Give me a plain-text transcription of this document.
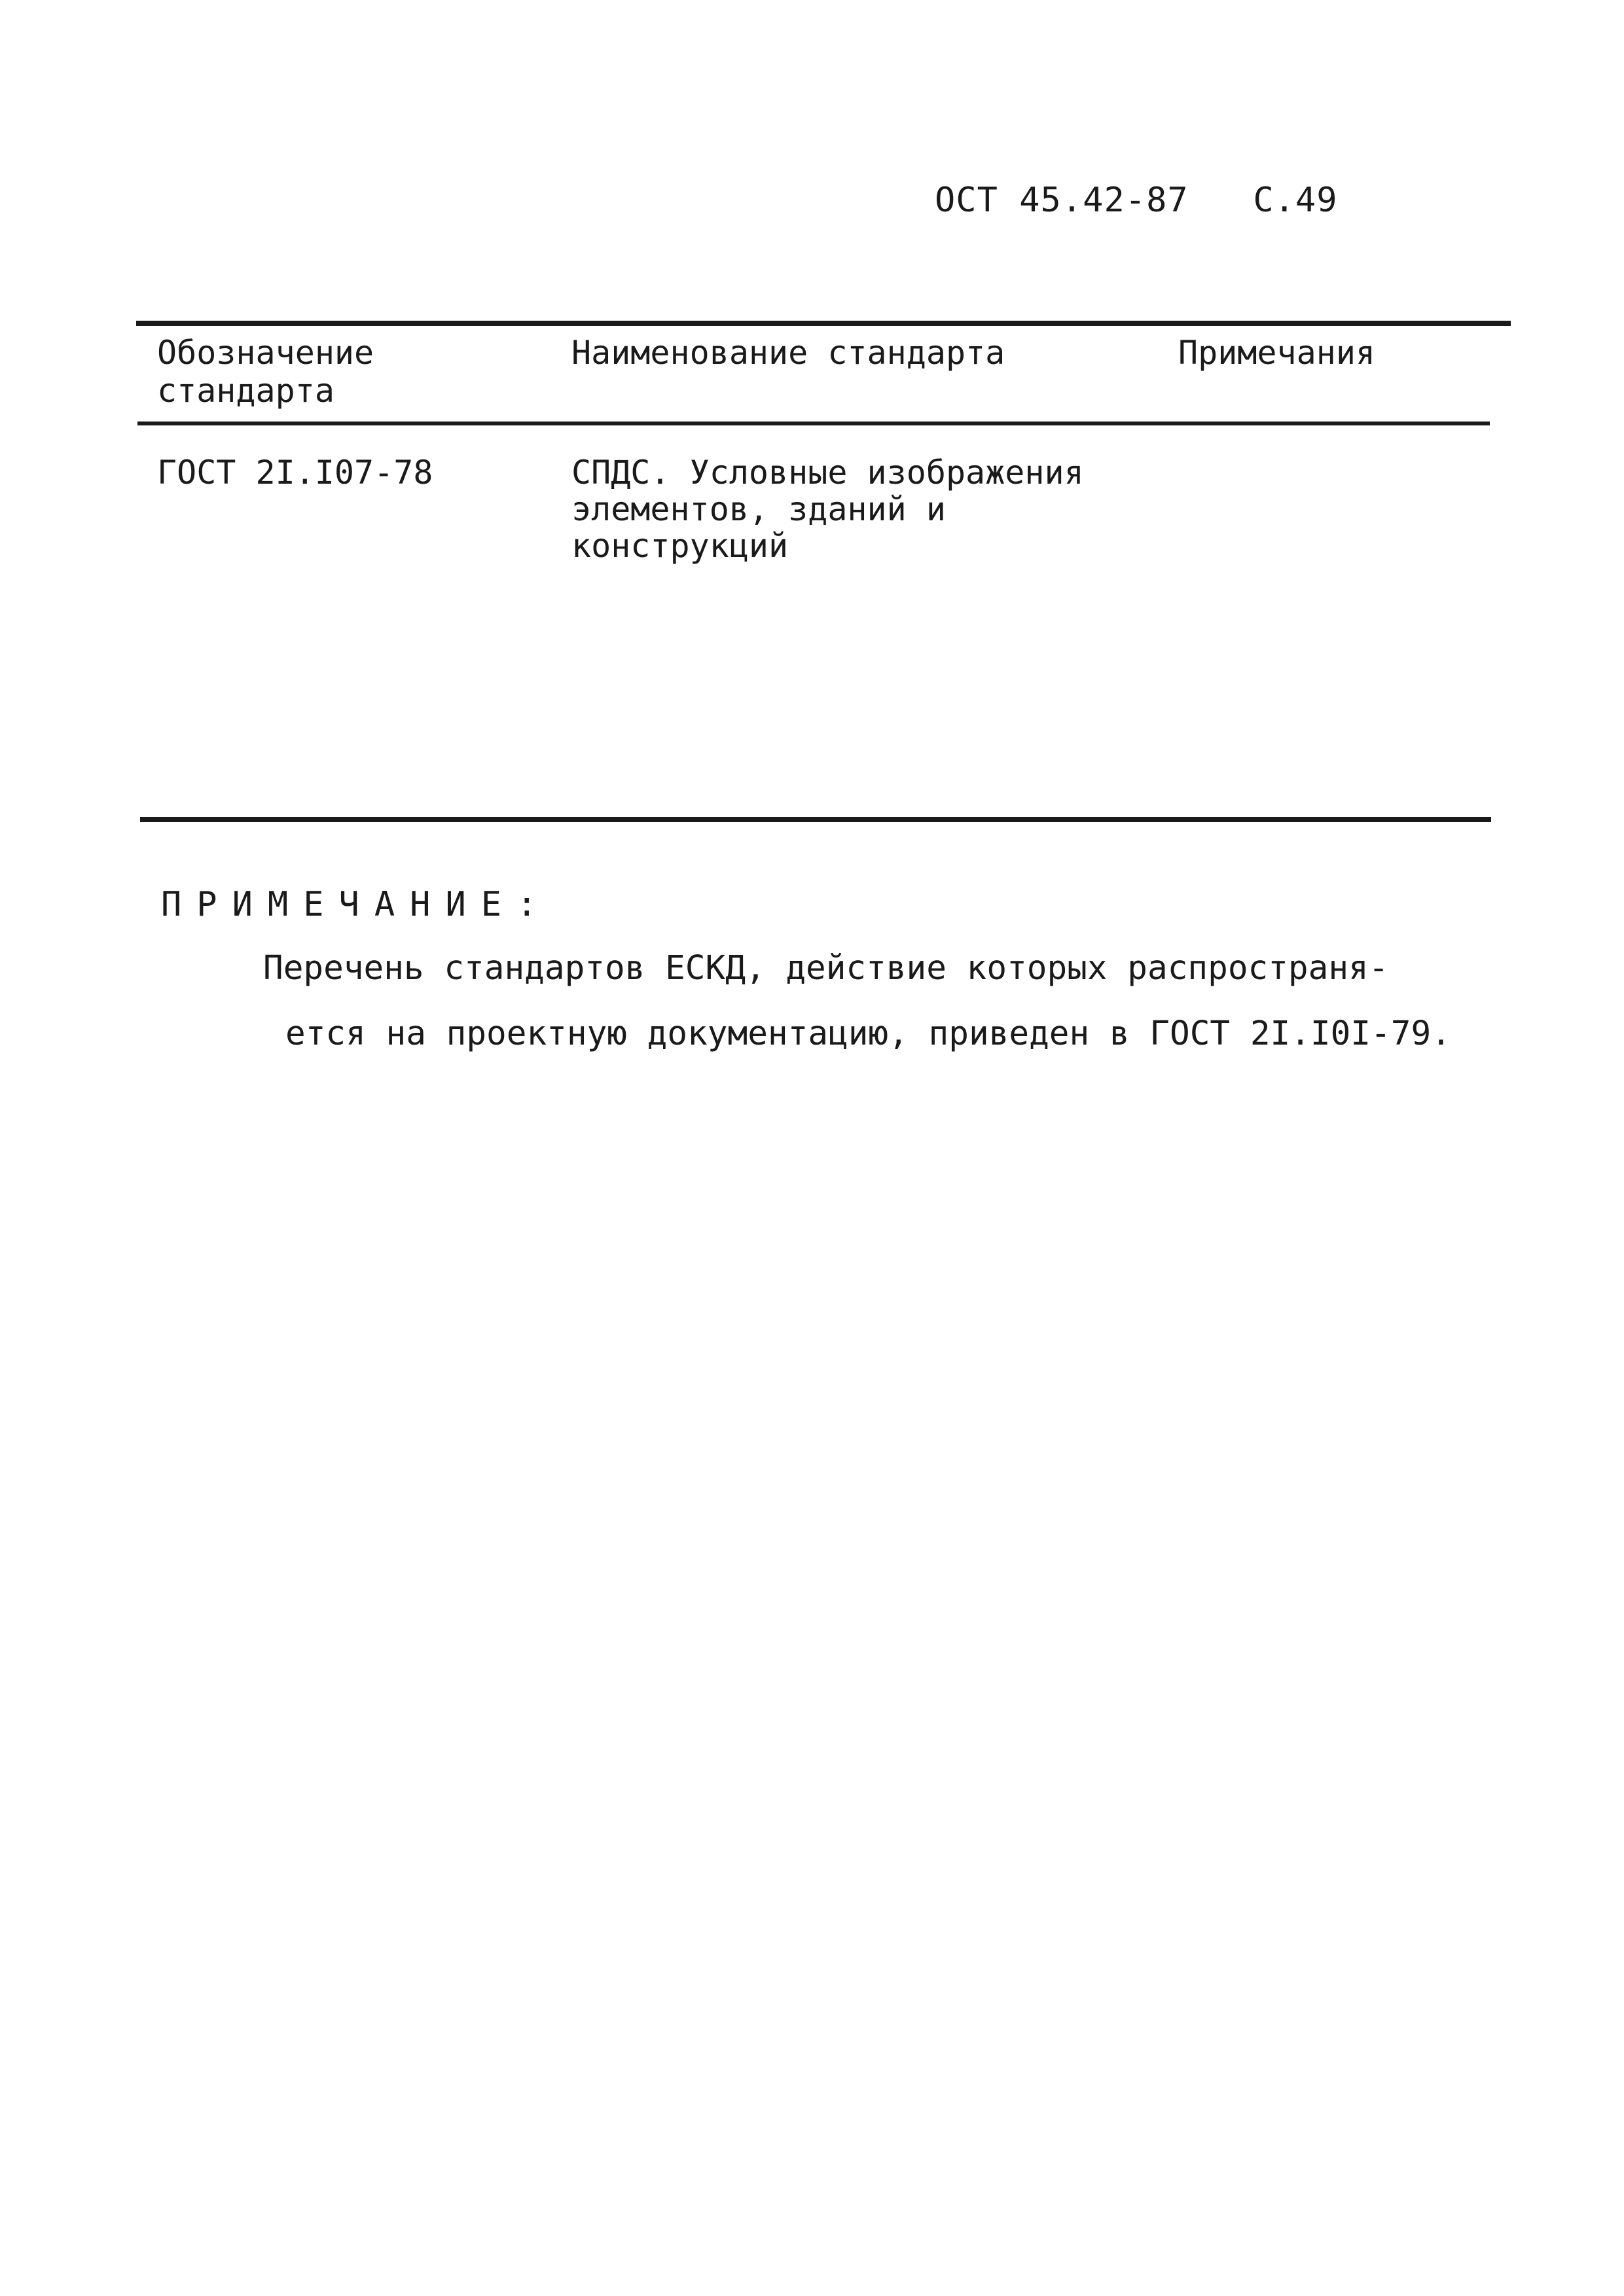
ОСТ 45.42-87 С.49
Обозначение
стандарта
Наименование стандарта	Примечания
ГОСТ 2I.I07-78	СПДС. Условные изображения
элементов, зданий и
конструкций
ПРИМЕЧАНИЕ:
Перечень стандартов ЕСКД, действие которых распространя-
ется на проектную документацию, приведен в ГОСТ 2I.I0I-79.
